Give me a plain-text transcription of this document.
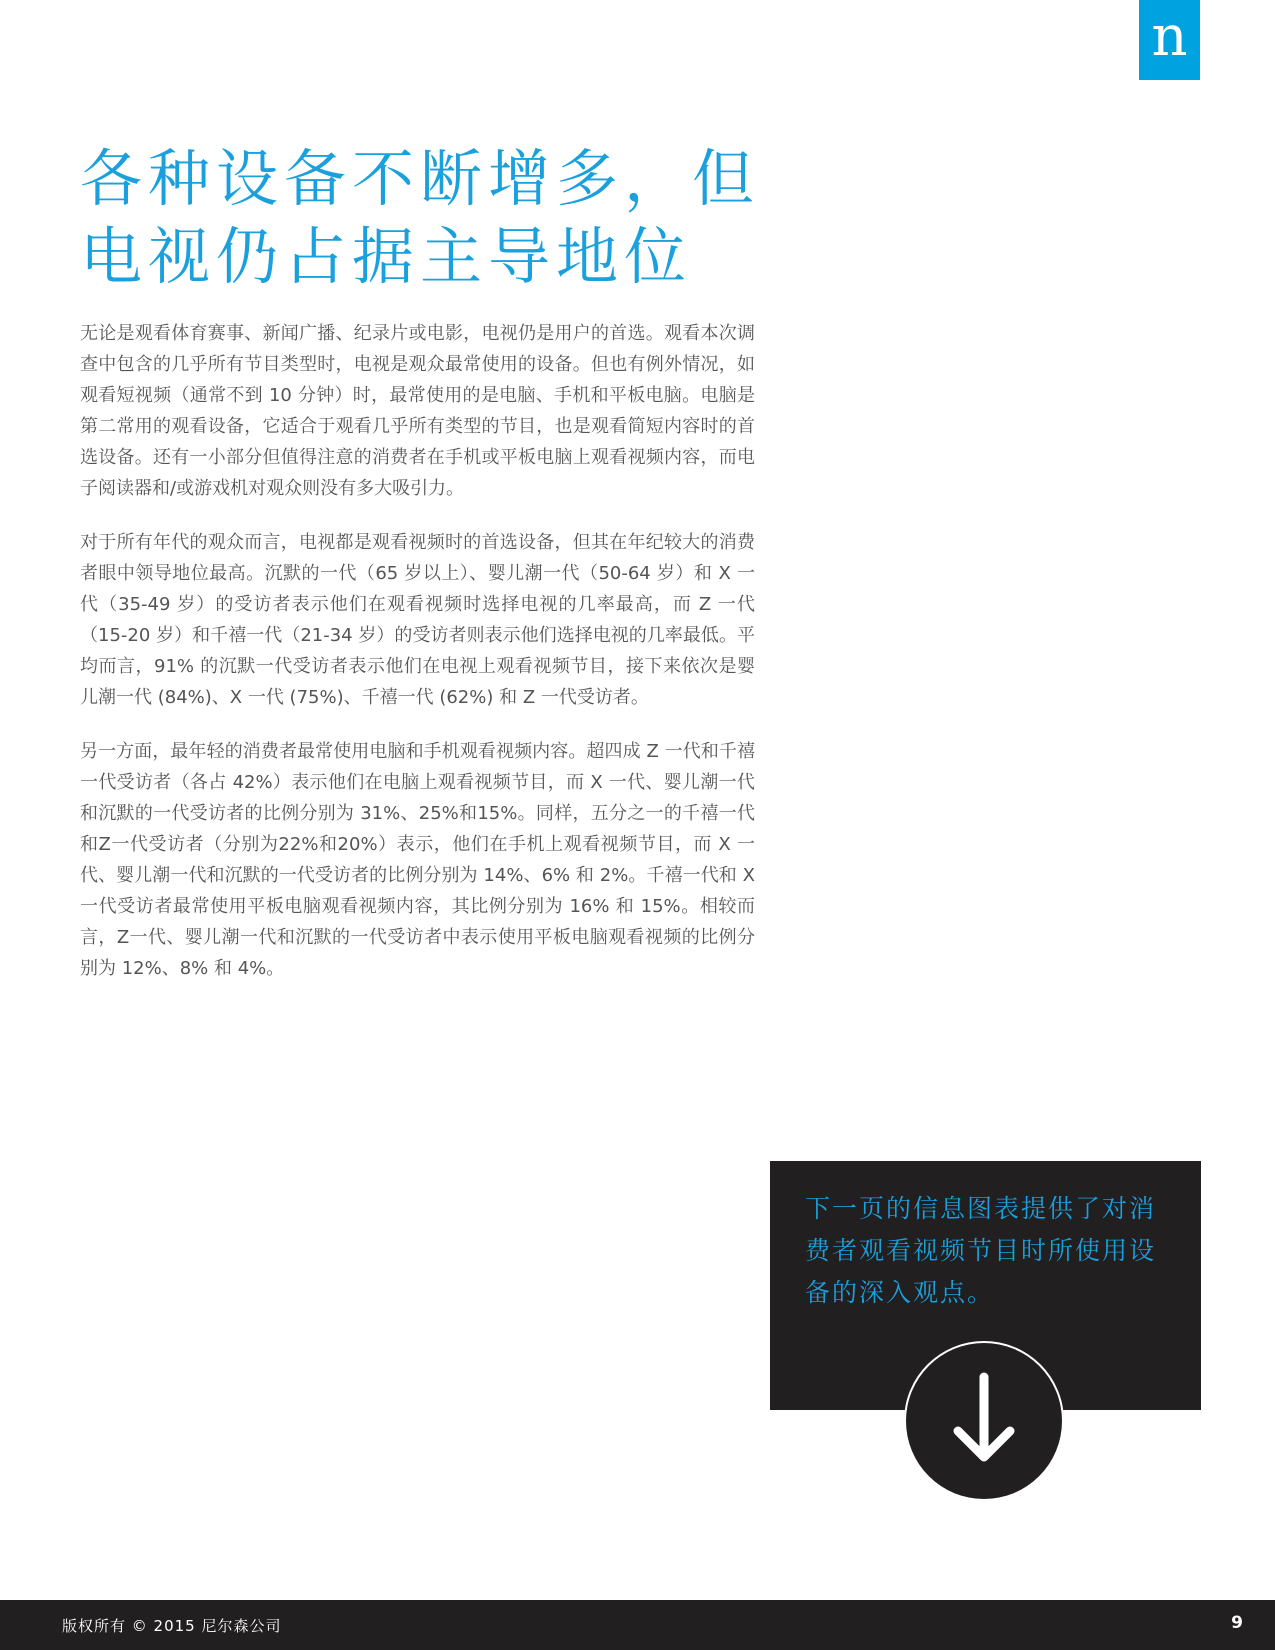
n
各种设备不断增多，但
电视仍占据主导地位

无论是观看体育赛事、新闻广播、纪录片或电影，电视仍是用户的首选。观看本次调查中包含的几乎所有节目类型时，电视是观众最常使用的设备。但也有例外情况，如观看短视频（通常不到 10 分钟）时，最常使用的是电脑、手机和平板电脑。电脑是第二常用的观看设备，它适合于观看几乎所有类型的节目，也是观看简短内容时的首选设备。还有一小部分但值得注意的消费者在手机或平板电脑上观看视频内容，而电子阅读器和/或游戏机对观众则没有多大吸引力。

对于所有年代的观众而言，电视都是观看视频时的首选设备，但其在年纪较大的消费者眼中领导地位最高。沉默的一代（65 岁以上）、婴儿潮一代（50-64 岁）和 X 一代（35-49 岁）的受访者表示他们在观看视频时选择电视的几率最高，而 Z 一代（15-20 岁）和千禧一代（21-34 岁）的受访者则表示他们选择电视的几率最低。平均而言，91% 的沉默一代受访者表示他们在电视上观看视频节目，接下来依次是婴儿潮一代 (84%)、X 一代 (75%)、千禧一代 (62%) 和 Z 一代受访者。

另一方面，最年轻的消费者最常使用电脑和手机观看视频内容。超四成 Z 一代和千禧一代受访者（各占 42%）表示他们在电脑上观看视频节目，而 X 一代、婴儿潮一代和沉默的一代受访者的比例分别为 31%、25%和15%。同样，五分之一的千禧一代和Z一代受访者（分别为22%和20%）表示，他们在手机上观看视频节目，而 X 一代、婴儿潮一代和沉默的一代受访者的比例分别为 14%、6% 和 2%。千禧一代和 X 一代受访者最常使用平板电脑观看视频内容，其比例分别为 16% 和 15%。相较而言，Z一代、婴儿潮一代和沉默的一代受访者中表示使用平板电脑观看视频的比例分别为 12%、8% 和 4%。

下一页的信息图表提供了对消费者观看视频节目时所使用设备的深入观点。
版权所有 © 2015 尼尔森公司	9
